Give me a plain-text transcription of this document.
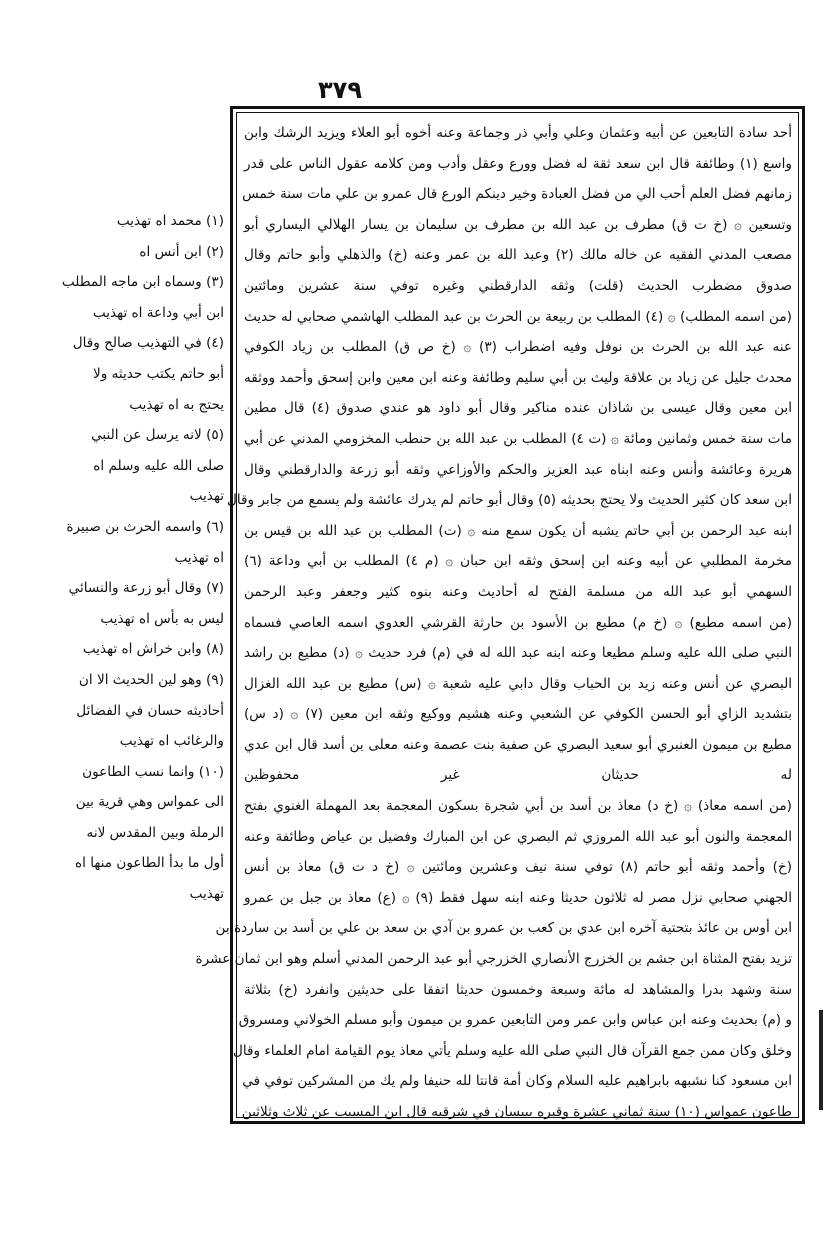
٣٧٩
أحد سادة التابعين عن أبيه وعثمان وعلي وأبي ذر وجماعة وعنه أخوه أبو العلاء ويزيد الرشك وابن
واسع (١) وطائفة قال ابن سعد ثقة له فضل وورع وعقل وأدب ومن كلامه عقول الناس على قدر
زمانهم فضل العلم أحب الي من فضل العبادة وخير دينكم الورع قال عمرو بن علي مات سنة خمس
وتسعين ۞ (خ ت ق) مطرف بن عبد الله بن مطرف بن سليمان بن يسار الهلالي اليساري أبو
مصعب المدني الفقيه عن خاله مالك (٢) وعبد الله بن عمر وعنه (خ) والذهلي وأبو حاتم وقال
صدوق مضطرب الحديث (قلت) وثقه الدارقطني وغيره توفي سنة عشرين ومائتين
(من اسمه المطلب) ۞ (٤) المطلب بن ربيعة بن الحرث بن عبد المطلب الهاشمي صحابي له حديث
عنه عبد الله بن الحرث بن نوفل وفيه اضطراب (٣) ۞ (خ ص ق) المطلب بن زياد الكوفي
محدث جليل عن زياد بن علاقة وليث بن أبي سليم وطائفة وعنه ابن معين وابن إسحق وأحمد ووثقه
ابن معين وقال عيسى بن شاذان عنده مناكير وقال أبو داود هو عندي صدوق (٤) قال مطين
مات سنة خمس وثمانين ومائة ۞ (ت ٤) المطلب بن عبد الله بن حنطب المخزومي المدني عن أبي
هريرة وعائشة وأنس وعنه ابناه عبد العزيز والحكم والأوزاعي وثقه أبو زرعة والدارقطني وقال
ابن سعد كان كثير الحديث ولا يحتج بحديثه (٥) وقال أبو حاتم لم يدرك عائشة ولم يسمع من جابر وقال
ابنه عبد الرحمن بن أبي حاتم يشبه أن يكون سمع منه ۞ (ت) المطلب بن عبد الله بن قيس بن
مخرمة المطلبي عن أبيه وعنه ابن إسحق وثقه ابن حبان ۞ (م ٤) المطلب بن أبي وداعة (٦)
السهمي أبو عبد الله من مسلمة الفتح له أحاديث وعنه بنوه كثير وجعفر وعبد الرحمن
(من اسمه مطيع) ۞ (خ م) مطيع بن الأسود بن حارثة القرشي العدوي اسمه العاصي فسماه
النبي صلى الله عليه وسلم مطيعا وعنه ابنه عبد الله له في (م) فرد حديث ۞ (د) مطيع بن راشد
البصري عن أنس وعنه زيد بن الحباب وقال دابي عليه شعبة ۞ (س) مطيع بن عبد الله الغزال
بتشديد الزاي أبو الحسن الكوفي عن الشعبي وعنه هشيم ووكيع وثقه ابن معين (٧) ۞ (د س)
مطيع بن ميمون العنبري أبو سعيد البصري عن صفية بنت عصمة وعنه معلى بن أسد قال ابن عدي
له حديثان غير محفوظين
(من اسمه معاذ) ۞ (خ د) معاذ بن أسد بن أبي شجرة بسكون المعجمة بعد المهملة الغنوي بفتح
المعجمة والنون أبو عبد الله المروزي ثم البصري عن ابن المبارك وفضيل بن عياض وطائفة وعنه
(خ) وأحمد وثقه أبو حاتم (٨) توفي سنة نيف وعشرين ومائتين ۞ (خ د ت ق) معاذ بن أنس
الجهني صحابي نزل مصر له ثلاثون حديثا وعنه ابنه سهل فقط (٩) ۞ (ع) معاذ بن جبل بن عمرو
ابن أوس بن عائذ بتحتية آخره ابن عدي بن كعب بن عمرو بن آدي بن سعد بن علي بن أسد بن ساردة بن
تزيد بفتح المثناة ابن جشم بن الخزرج الأنصاري الخزرجي أبو عبد الرحمن المدني أسلم وهو ابن ثمان عشرة
سنة وشهد بدرا والمشاهد له مائة وسبعة وخمسون حديثا اتفقا على حديثين وانفرد (خ) بثلاثة
و (م) بحديث وعنه ابن عباس وابن عمر ومن التابعين عمرو بن ميمون وأبو مسلم الخولاني ومسروق
وخلق وكان ممن جمع القرآن قال النبي صلى الله عليه وسلم يأتي معاذ يوم القيامة امام العلماء وقال
ابن مسعود كنا نشبهه بابراهيم عليه السلام وكان أمة قانتا لله حنيفا ولم يك من المشركين توفي في
طاعون عمواس (١٠) سنة ثماني عشرة وقبره ببيسان في شرقيه قال ابن المسيب عن ثلاث وثلاثين
(١) محمد اه تهذيب
(٢) ابن أنس اه
(٣) وسماه ابن ماجه المطلب
ابن أبي وداعة اه تهذيب
(٤) في التهذيب صالح وقال
أبو حاتم يكتب حديثه ولا
يحتج به اه تهذيب
(٥) لانه يرسل عن النبي
صلى الله عليه وسلم اه
تهذيب
(٦) واسمه الحرث بن صبيرة
اه تهذيب
(٧) وقال أبو زرعة والنسائي
ليس به بأس اه تهذيب
(٨) وابن خراش اه تهذيب
(٩) وهو لين الحديث الا ان
أحاديثه حسان في الفضائل
والرغائب اه تهذيب
(١٠) وانما نسب الطاعون
الى عمواس وهي قرية بين
الرملة وبين المقدس لانه
أول ما بدأ الطاعون منها اه
تهذيب
